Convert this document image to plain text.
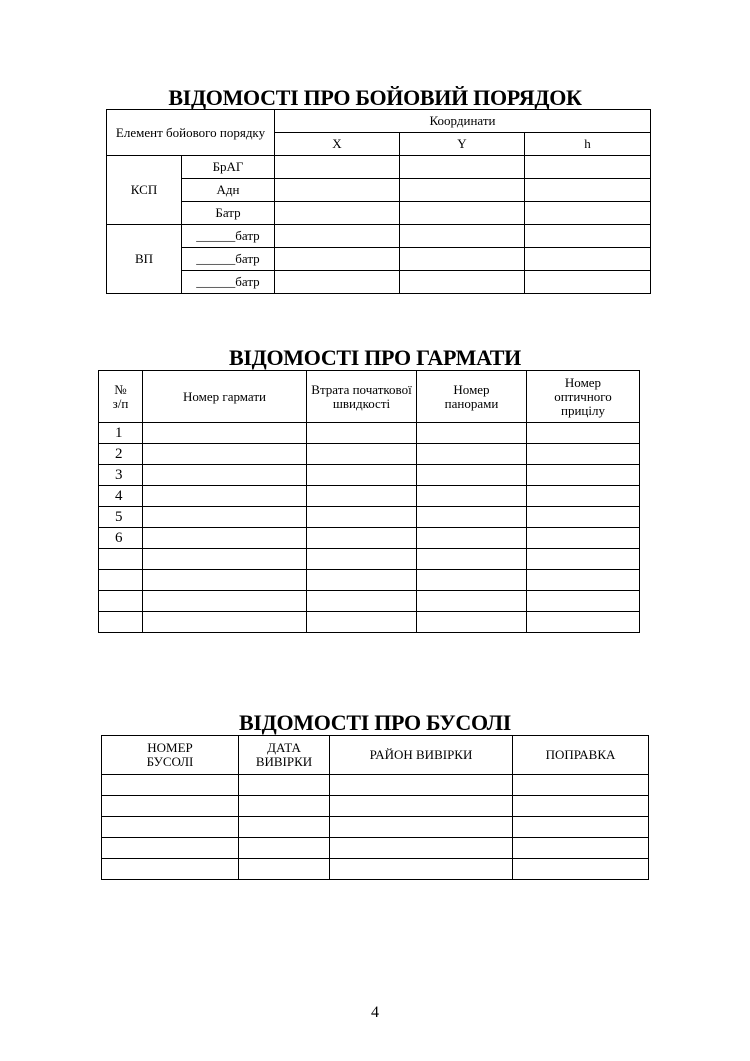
ВІДОМОСТІ ПРО БОЙОВИЙ ПОРЯДОК
Елемент бойового порядку		Координати		
		X	Y	h
КСП	БрАГ			
	Адн			
	Батр			
ВП	______батр			
	______батр			
	______батр			
ВІДОМОСТІ ПРО ГАРМАТИ
№ з/п	Номер гармати	Втрата початкової швидкості	Номер панорами	Номер оптичного прицілу
1				
2				
3				
4				
5				
6				

ВІДОМОСТІ ПРО БУСОЛІ
НОМЕР БУСОЛІ	ДАТА ВИВІРКИ	РАЙОН ВИВІРКИ	ПОПРАВКА

4
